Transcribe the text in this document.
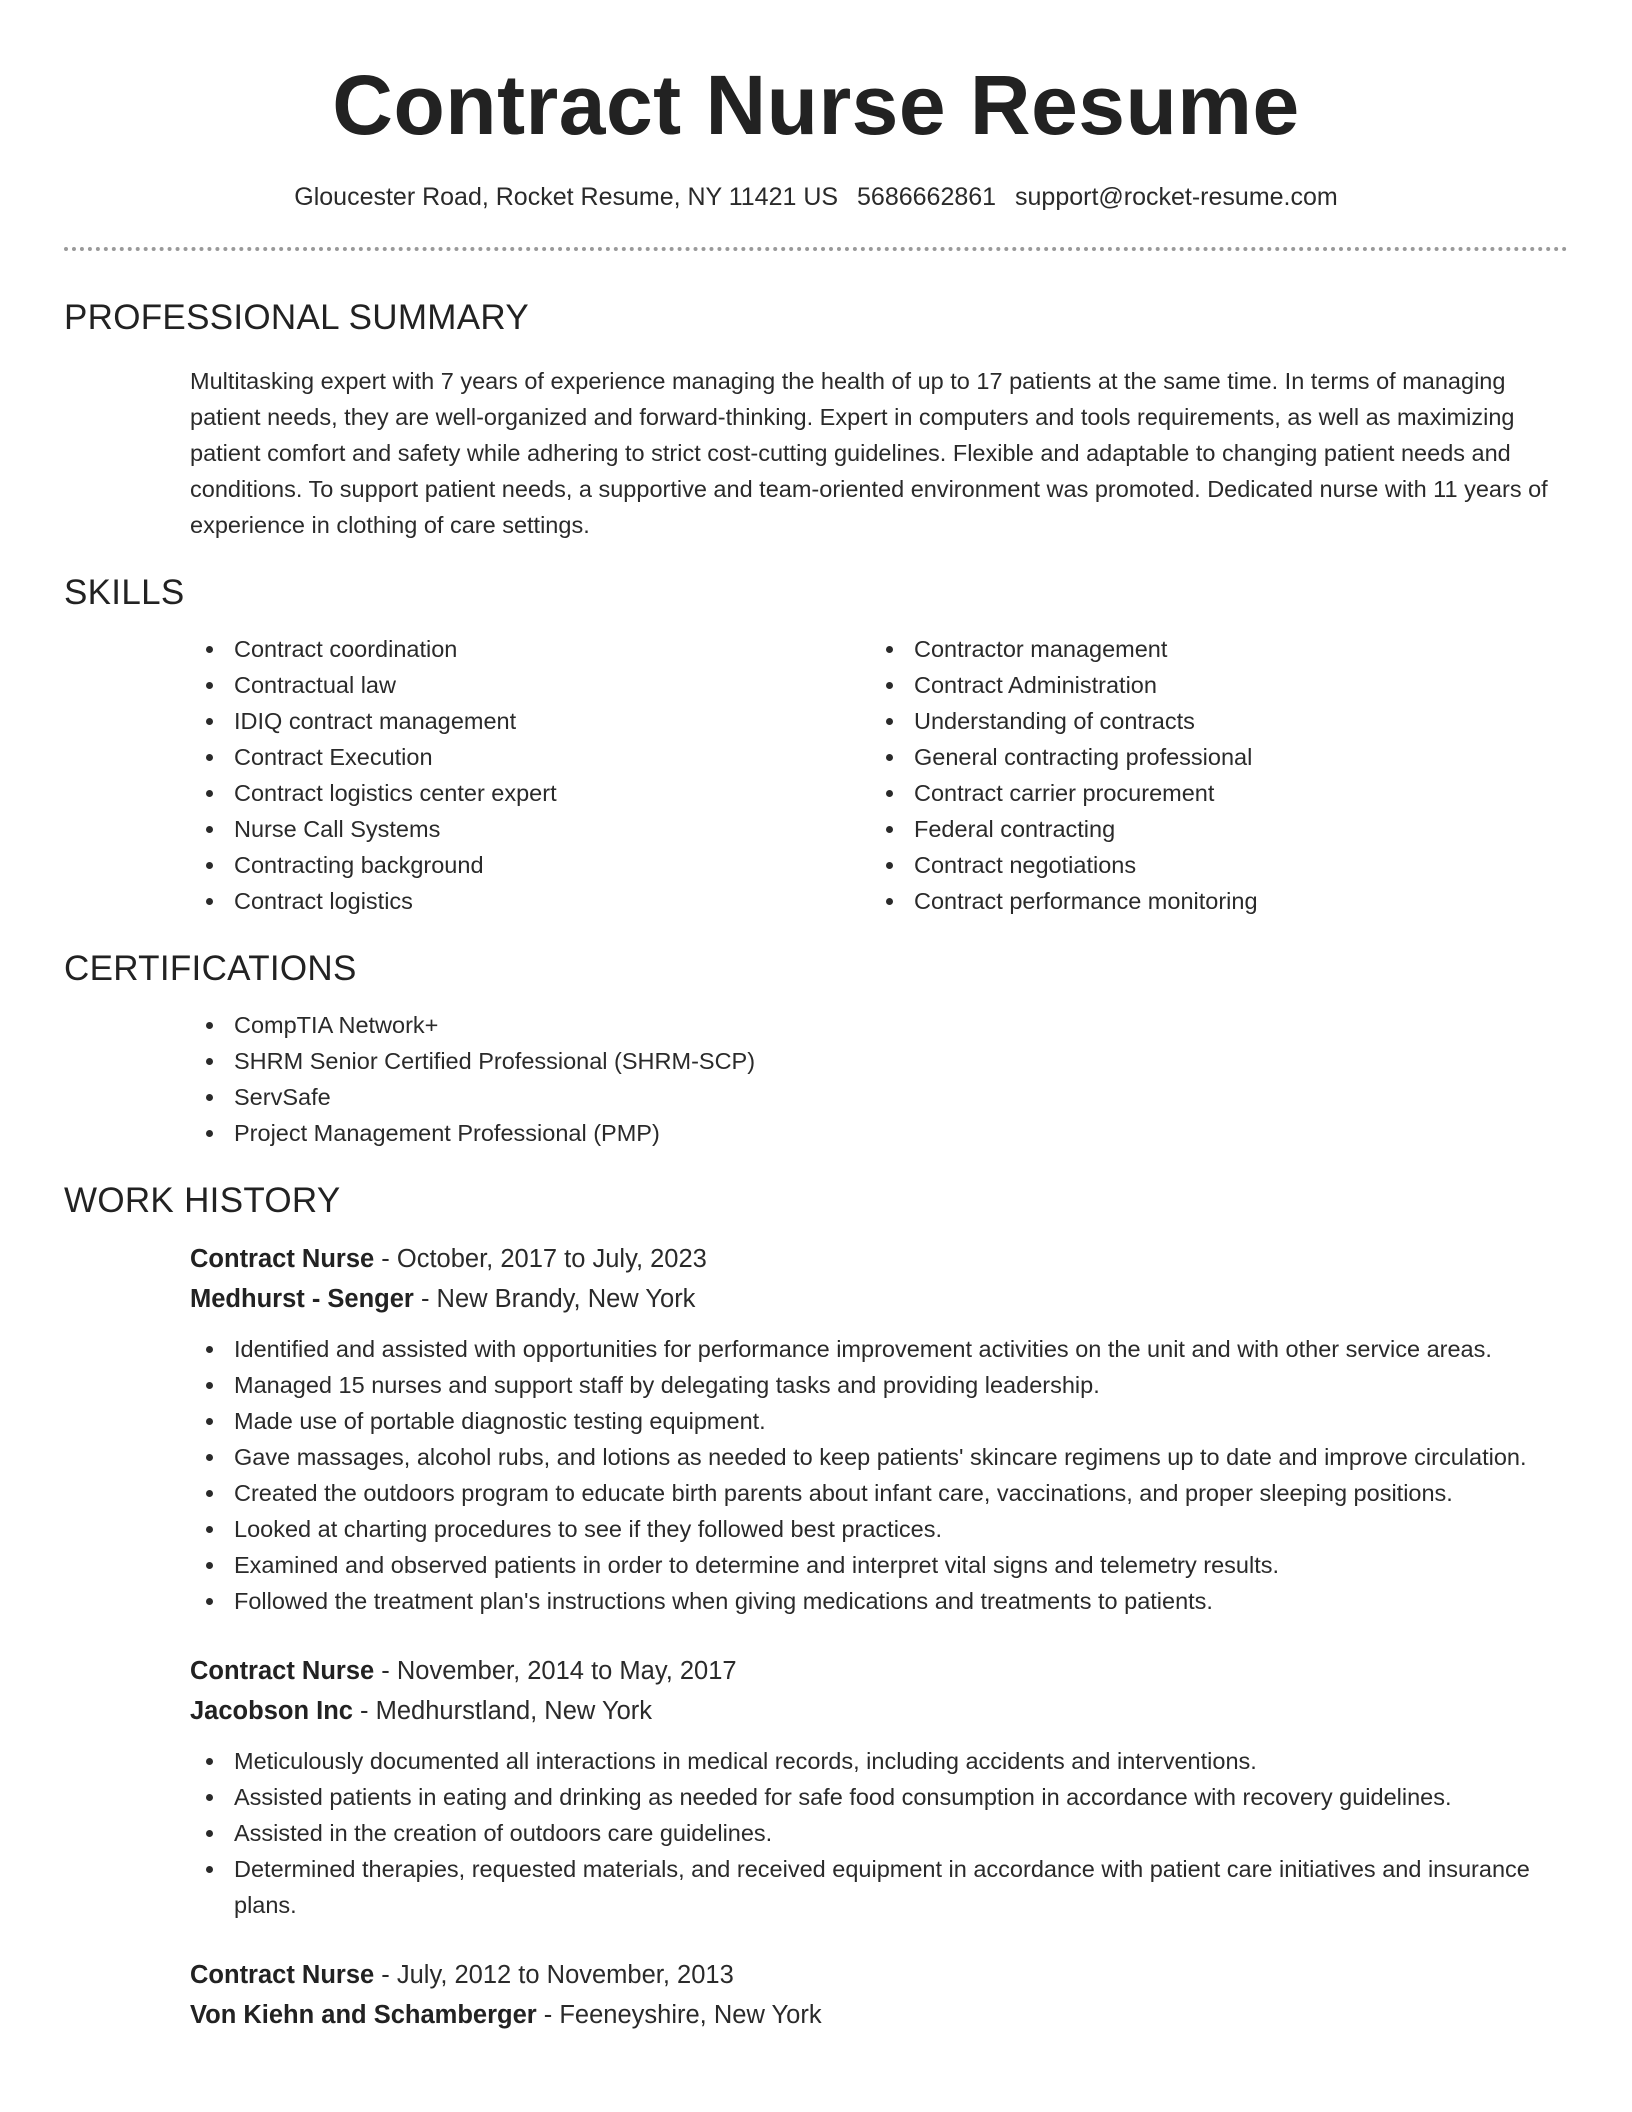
Contract Nurse Resume
Gloucester Road, Rocket Resume, NY 11421 US 5686662861 support@rocket-resume.com
PROFESSIONAL SUMMARY
Multitasking expert with 7 years of experience managing the health of up to 17 patients at the same time. In terms of managing patient needs, they are well-organized and forward-thinking. Expert in computers and tools requirements, as well as maximizing patient comfort and safety while adhering to strict cost-cutting guidelines. Flexible and adaptable to changing patient needs and conditions. To support patient needs, a supportive and team-oriented environment was promoted. Dedicated nurse with 11 years of experience in clothing of care settings.
SKILLS
Contract coordination
Contractual law
IDIQ contract management
Contract Execution
Contract logistics center expert
Nurse Call Systems
Contracting background
Contract logistics
Contractor management
Contract Administration
Understanding of contracts
General contracting professional
Contract carrier procurement
Federal contracting
Contract negotiations
Contract performance monitoring
CERTIFICATIONS
CompTIA Network+
SHRM Senior Certified Professional (SHRM-SCP)
ServSafe
Project Management Professional (PMP)
WORK HISTORY
Contract Nurse - October, 2017 to July, 2023
Medhurst - Senger - New Brandy, New York
Identified and assisted with opportunities for performance improvement activities on the unit and with other service areas.
Managed 15 nurses and support staff by delegating tasks and providing leadership.
Made use of portable diagnostic testing equipment.
Gave massages, alcohol rubs, and lotions as needed to keep patients' skincare regimens up to date and improve circulation.
Created the outdoors program to educate birth parents about infant care, vaccinations, and proper sleeping positions.
Looked at charting procedures to see if they followed best practices.
Examined and observed patients in order to determine and interpret vital signs and telemetry results.
Followed the treatment plan's instructions when giving medications and treatments to patients.
Contract Nurse - November, 2014 to May, 2017
Jacobson Inc - Medhurstland, New York
Meticulously documented all interactions in medical records, including accidents and interventions.
Assisted patients in eating and drinking as needed for safe food consumption in accordance with recovery guidelines.
Assisted in the creation of outdoors care guidelines.
Determined therapies, requested materials, and received equipment in accordance with patient care initiatives and insurance plans.
Contract Nurse - July, 2012 to November, 2013
Von Kiehn and Schamberger - Feeneyshire, New York
